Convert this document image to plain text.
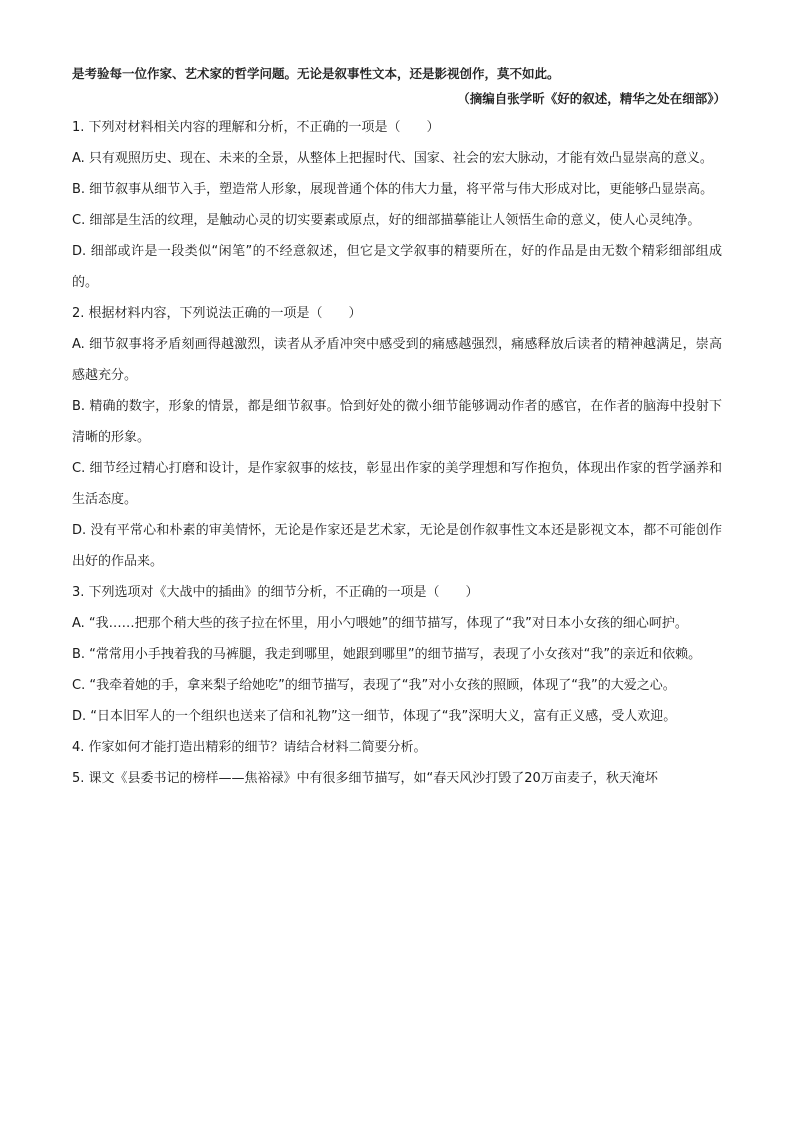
是考验每一位作家、艺术家的哲学问题。无论是叙事性文本，还是影视创作，莫不如此。
（摘编自张学昕《好的叙述，精华之处在细部》）
1. 下列对材料相关内容的理解和分析，不正确的一项是（　　）
A. 只有观照历史、现在、未来的全景，从整体上把握时代、国家、社会的宏大脉动，才能有效凸显崇高的意义。
B. 细节叙事从细节入手，塑造常人形象，展现普通个体的伟大力量，将平常与伟大形成对比，更能够凸显崇高。
C. 细部是生活的纹理，是触动心灵的切实要素或原点，好的细部描摹能让人领悟生命的意义，使人心灵纯净。
D. 细部或许是一段类似“闲笔”的不经意叙述，但它是文学叙事的精要所在，好的作品是由无数个精彩细部组成的。
2. 根据材料内容，下列说法正确的一项是（　　）
A. 细节叙事将矛盾刻画得越激烈，读者从矛盾冲突中感受到的痛感越强烈，痛感释放后读者的精神越满足，崇高感越充分。
B. 精确的数字，形象的情景，都是细节叙事。恰到好处的微小细节能够调动作者的感官，在作者的脑海中投射下清晰的形象。
C. 细节经过精心打磨和设计，是作家叙事的炫技，彰显出作家的美学理想和写作抱负，体现出作家的哲学涵养和生活态度。
D. 没有平常心和朴素的审美情怀，无论是作家还是艺术家，无论是创作叙事性文本还是影视文本，都不可能创作出好的作品来。
3. 下列选项对《大战中的插曲》的细节分析，不正确的一项是（　　）
A. “我……把那个稍大些的孩子拉在怀里，用小勺喂她”的细节描写，体现了“我”对日本小女孩的细心呵护。
B. “常常用小手拽着我的马裤腿，我走到哪里，她跟到哪里”的细节描写，表现了小女孩对“我”的亲近和依赖。
C. “我牵着她的手，拿来梨子给她吃”的细节描写，表现了“我”对小女孩的照顾，体现了“我”的大爱之心。
D. “日本旧军人的一个组织也送来了信和礼物”这一细节，体现了“我”深明大义，富有正义感，受人欢迎。
4. 作家如何才能打造出精彩的细节？请结合材料二简要分析。
5. 课文《县委书记的榜样——焦裕禄》中有很多细节描写，如“春天风沙打毁了20万亩麦子，秋天淹坏
